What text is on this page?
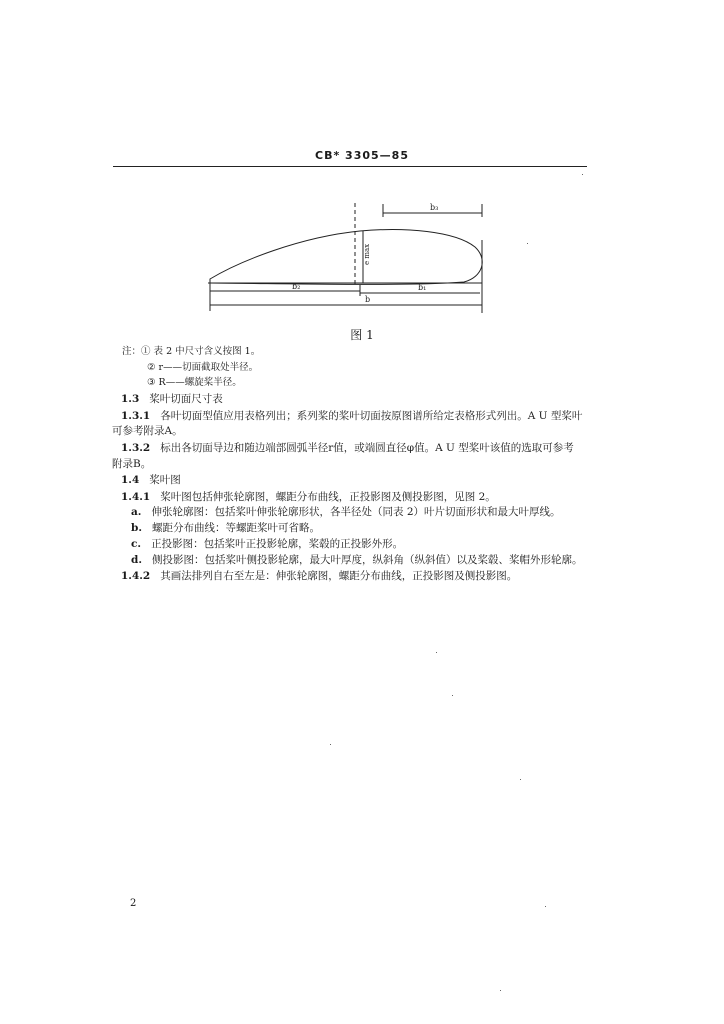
CB* 3305—85
b₃
b₂	b₁
b
e max
图 1
注：① 表 2 中尺寸含义按图 1。
② r——切面截取处半径。
③ R——螺旋桨半径。
1.3 桨叶切面尺寸表
1.3.1 各叶切面型值应用表格列出；系列桨的桨叶切面按原图谱所给定表格形式列出。A U 型桨叶
可参考附录A。
1.3.2 标出各切面导边和随边端部圆弧半径r值，或端圆直径φ值。A U 型桨叶该值的选取可参考
附录B。
1.4 桨叶图
1.4.1 桨叶图包括伸张轮廓图，螺距分布曲线，正投影图及侧投影图，见图 2。
a. 伸张轮廓图：包括桨叶伸张轮廓形状，各半径处（同表 2）叶片切面形状和最大叶厚线。
b. 螺距分布曲线：等螺距桨叶可省略。
c. 正投影图：包括桨叶正投影轮廓，桨毂的正投影外形。
d. 侧投影图：包括桨叶侧投影轮廓，最大叶厚度，纵斜角（纵斜值）以及桨毂、桨帽外形轮廓。
1.4.2 其画法排列自右至左是：伸张轮廓图，螺距分布曲线，正投影图及侧投影图。
2
